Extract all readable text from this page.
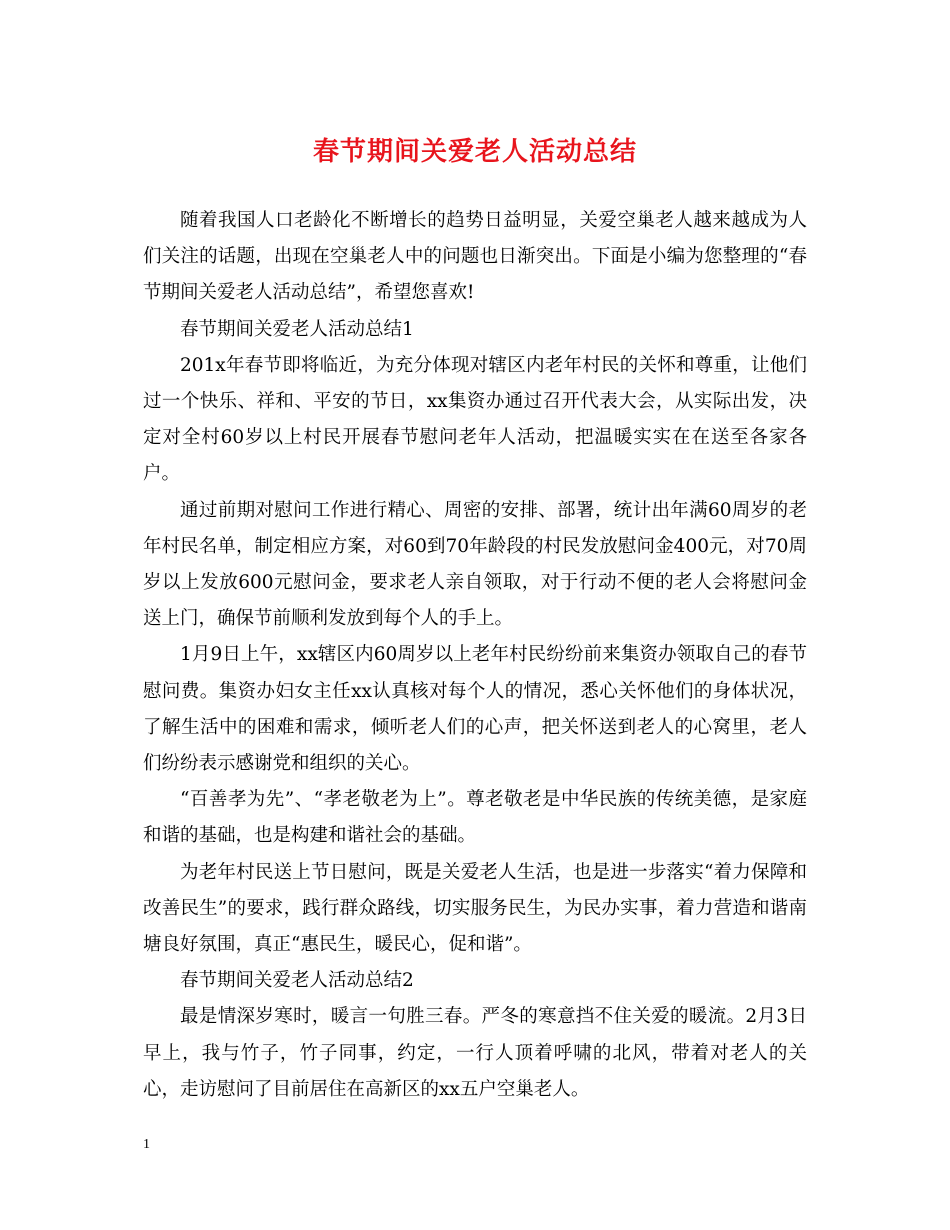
春节期间关爱老人活动总结

随着我国人口老龄化不断增长的趋势日益明显，关爱空巢老人越来越成为人们关注的话题，出现在空巢老人中的问题也日渐突出。下面是小编为您整理的“春节期间关爱老人活动总结”，希望您喜欢!

春节期间关爱老人活动总结1

201x年春节即将临近，为充分体现对辖区内老年村民的关怀和尊重，让他们过一个快乐、祥和、平安的节日，xx集资办通过召开代表大会，从实际出发，决定对全村60岁以上村民开展春节慰问老年人活动，把温暖实实在在送至各家各户。

通过前期对慰问工作进行精心、周密的安排、部署，统计出年满60周岁的老年村民名单，制定相应方案，对60到70年龄段的村民发放慰问金400元，对70周岁以上发放600元慰问金，要求老人亲自领取，对于行动不便的老人会将慰问金送上门，确保节前顺利发放到每个人的手上。

1月9日上午，xx辖区内60周岁以上老年村民纷纷前来集资办领取自己的春节慰问费。集资办妇女主任xx认真核对每个人的情况，悉心关怀他们的身体状况，了解生活中的困难和需求，倾听老人们的心声，把关怀送到老人的心窝里，老人们纷纷表示感谢党和组织的关心。

“百善孝为先”、“孝老敬老为上”。尊老敬老是中华民族的传统美德，是家庭和谐的基础，也是构建和谐社会的基础。

为老年村民送上节日慰问，既是关爱老人生活，也是进一步落实“着力保障和改善民生”的要求，践行群众路线，切实服务民生，为民办实事，着力营造和谐南塘良好氛围，真正“惠民生，暖民心，促和谐”。

春节期间关爱老人活动总结2

最是情深岁寒时，暖言一句胜三春。严冬的寒意挡不住关爱的暖流。2月3日早上，我与竹子，竹子同事，约定，一行人顶着呼啸的北风，带着对老人的关心，走访慰问了目前居住在高新区的xx五户空巢老人。

1
